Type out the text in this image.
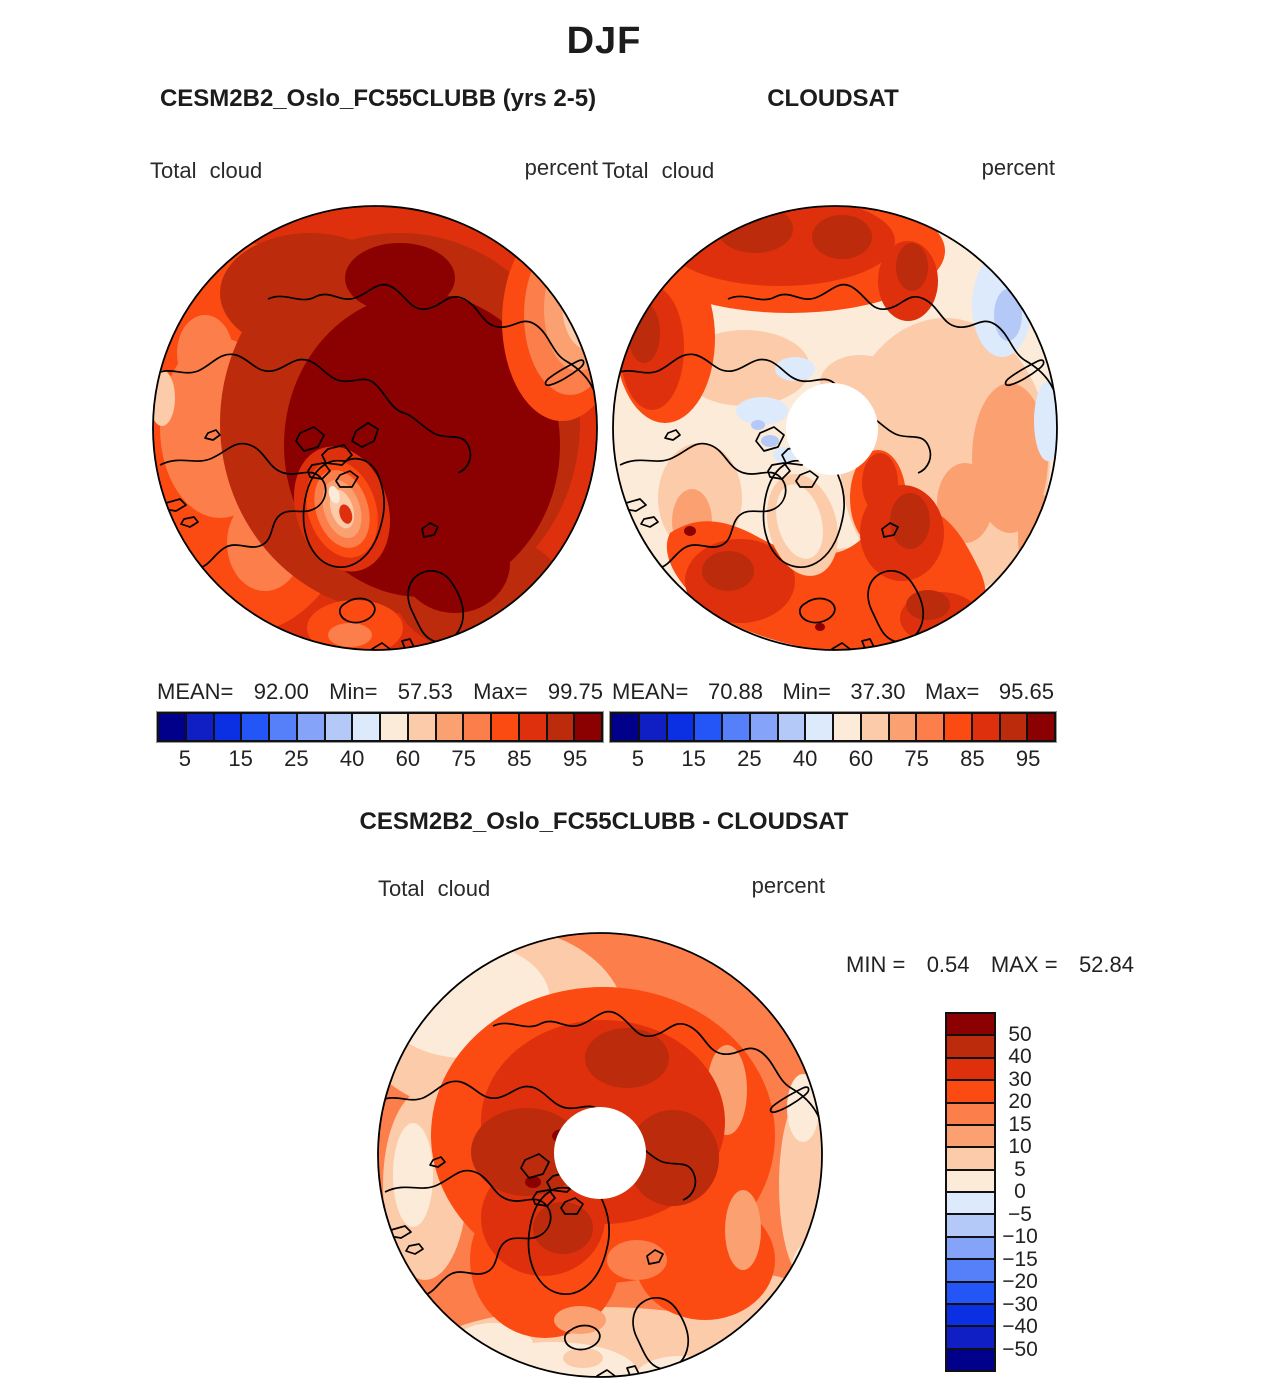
DJF
CESM2B2_Oslo_FC55CLUBB (yrs 2-5)	CLOUDSAT
Total cloud	percent Total cloud	percent
MEAN= 92.00 Min= 57.53 Max= 99.75 MEAN= 70.88 Min= 37.30 Max= 95.65
5 15 25 40 60 75 85 95 5 15 25 40 60 75 85 95
CESM2B2_Oslo_FC55CLUBB - CLOUDSAT
Total cloud	percent
MIN = 0.54 MAX = 52.84
50
40
30
20
15
10
5
0
−5
−10
−15
−20
−30
−40
−50
